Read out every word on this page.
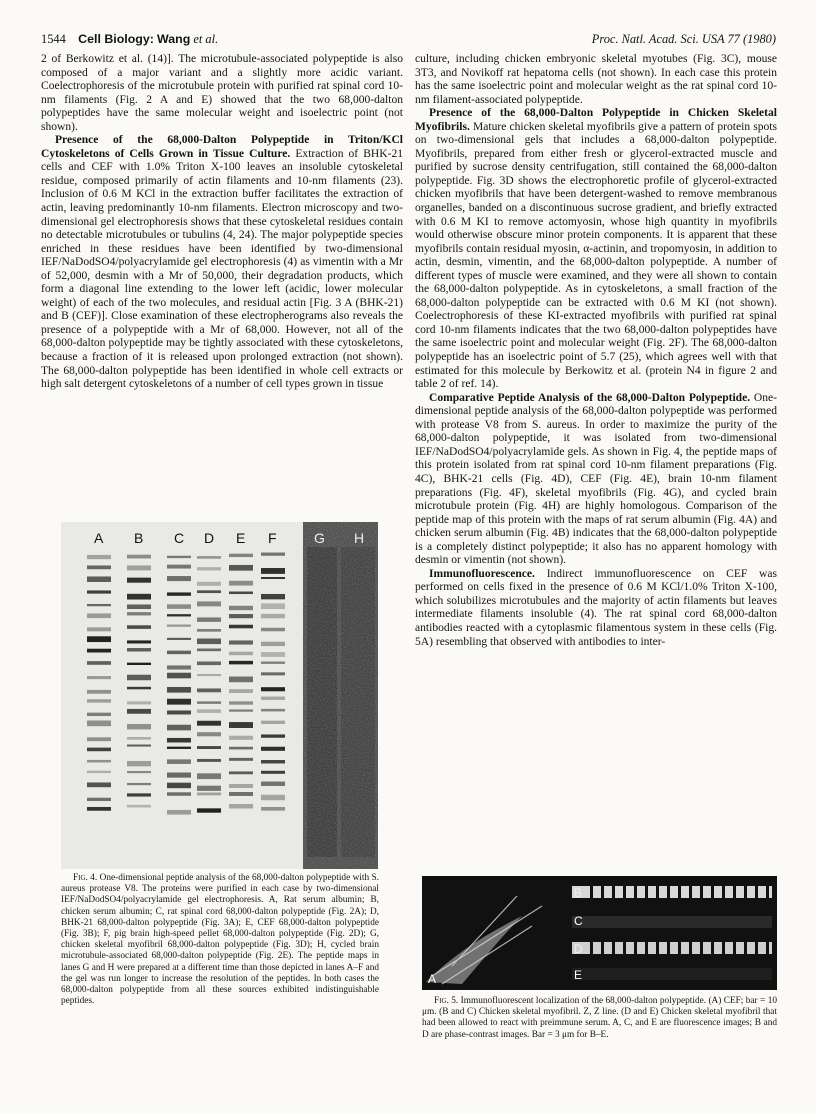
1544 Cell Biology: Wang et al.	Proc. Natl. Acad. Sci. USA 77 (1980)

2 of Berkowitz et al. (14)]. The microtubule-associated polypeptide is also composed of a major variant and a slightly more acidic variant. Coelectrophoresis of the microtubule protein with purified rat spinal cord 10-nm filaments (Fig. 2 A and E) showed that the two 68,000-dalton polypeptides have the same molecular weight and isoelectric point (not shown).

Presence of the 68,000-Dalton Polypeptide in Triton/KCl Cytoskeletons of Cells Grown in Tissue Culture. Extraction of BHK-21 cells and CEF with 1.0% Triton X-100 leaves an insoluble cytoskeletal residue, composed primarily of actin filaments and 10-nm filaments (23). Inclusion of 0.6 M KCl in the extraction buffer facilitates the extraction of actin, leaving predominantly 10-nm filaments. Electron microscopy and two-dimensional gel electrophoresis shows that these cytoskeletal residues contain no detectable microtubules or tubulins (4, 24). The major polypeptide species enriched in these residues have been identified by two-dimensional IEF/NaDodSO4/polyacrylamide gel electrophoresis (4) as vimentin with a Mr of 52,000, desmin with a Mr of 50,000, their degradation products, which form a diagonal line extending to the lower left (acidic, lower molecular weight) of each of the two molecules, and residual actin [Fig. 3 A (BHK-21) and B (CEF)]. Close examination of these electropherograms also reveals the presence of a polypeptide with a Mr of 68,000. However, not all of the 68,000-dalton polypeptide may be tightly associated with these cytoskeletons, because a fraction of it is released upon prolonged extraction (not shown). The 68,000-dalton polypeptide has been identified in whole cell extracts or high salt detergent cytoskeletons of a number of cell types grown in tissue

A B C D E F	G H

Fig. 4. One-dimensional peptide analysis of the 68,000-dalton polypeptide with S. aureus protease V8. The proteins were purified in each case by two-dimensional IEF/NaDodSO4/polyacrylamide gel electrophoresis. A, Rat serum albumin; B, chicken serum albumin; C, rat spinal cord 68,000-dalton polypeptide (Fig. 2A); D, BHK-21 68,000-dalton polypeptide (Fig. 3A); E, CEF 68,000-dalton polypeptide (Fig. 3B); F, pig brain high-speed pellet 68,000-dalton polypeptide (Fig. 2D); G, chicken skeletal myofibril 68,000-dalton polypeptide (Fig. 3D); H, cycled brain microtubule-associated 68,000-dalton polypeptide (Fig. 2E). The peptide maps in lanes G and H were prepared at a different time than those depicted in lanes A–F and the gel was run longer to increase the resolution of the peptides. In both cases the 68,000-dalton polypeptide from all these sources exhibited indistinguishable peptides.

culture, including chicken embryonic skeletal myotubes (Fig. 3C), mouse 3T3, and Novikoff rat hepatoma cells (not shown). In each case this protein has the same isoelectric point and molecular weight as the rat spinal cord 10-nm filament-associated polypeptide.

Presence of the 68,000-Dalton Polypeptide in Chicken Skeletal Myofibrils. Mature chicken skeletal myofibrils give a pattern of protein spots on two-dimensional gels that includes a 68,000-dalton polypeptide. Myofibrils, prepared from either fresh or glycerol-extracted muscle and purified by sucrose density centrifugation, still contained the 68,000-dalton polypeptide. Fig. 3D shows the electrophoretic profile of glycerol-extracted chicken myofibrils that have been detergent-washed to remove membranous organelles, banded on a discontinuous sucrose gradient, and briefly extracted with 0.6 M KI to remove actomyosin, whose high quantity in myofibrils would otherwise obscure minor protein components. It is apparent that these myofibrils contain residual myosin, α-actinin, and tropomyosin, in addition to actin, desmin, vimentin, and the 68,000-dalton polypeptide. A number of different types of muscle were examined, and they were all shown to contain the 68,000-dalton polypeptide. As in cytoskeletons, a small fraction of the 68,000-dalton polypeptide can be extracted with 0.6 M KI (not shown). Coelectrophoresis of these KI-extracted myofibrils with purified rat spinal cord 10-nm filaments indicates that the two 68,000-dalton polypeptides have the same isoelectric point and molecular weight (Fig. 2F). The 68,000-dalton polypeptide has an isoelectric point of 5.7 (25), which agrees well with that estimated for this molecule by Berkowitz et al. (protein N4 in figure 2 and table 2 of ref. 14).

Comparative Peptide Analysis of the 68,000-Dalton Polypeptide. One-dimensional peptide analysis of the 68,000-dalton polypeptide was performed with protease V8 from S. aureus. In order to maximize the purity of the 68,000-dalton polypeptide, it was isolated from two-dimensional IEF/NaDodSO4/polyacrylamide gels. As shown in Fig. 4, the peptide maps of this protein isolated from rat spinal cord 10-nm filament preparations (Fig. 4C), BHK-21 cells (Fig. 4D), CEF (Fig. 4E), brain 10-nm filament preparations (Fig. 4F), skeletal myofibrils (Fig. 4G), and cycled brain microtubule protein (Fig. 4H) are highly homologous. Comparison of the peptide map of this protein with the maps of rat serum albumin (Fig. 4A) and chicken serum albumin (Fig. 4B) indicates that the 68,000-dalton polypeptide is a completely distinct polypeptide; it also has no apparent homology with desmin or vimentin (not shown).

Immunofluorescence. Indirect immunofluorescence on CEF was performed on cells fixed in the presence of 0.6 M KCl/1.0% Triton X-100, which solubilizes microtubules and the majority of actin filaments but leaves intermediate filaments insoluble (4). The rat spinal cord 68,000-dalton antibodies reacted with a cytoplasmic filamentous system in these cells (Fig. 5A) resembling that observed with antibodies to inter-

A
B
C
D
E

Fig. 5. Immunofluorescent localization of the 68,000-dalton polypeptide. (A) CEF; bar = 10 μm. (B and C) Chicken skeletal myofibril. Z, Z line. (D and E) Chicken skeletal myofibril that had been allowed to react with preimmune serum. A, C, and E are fluorescence images; B and D are phase-contrast images. Bar = 3 μm for B–E.
